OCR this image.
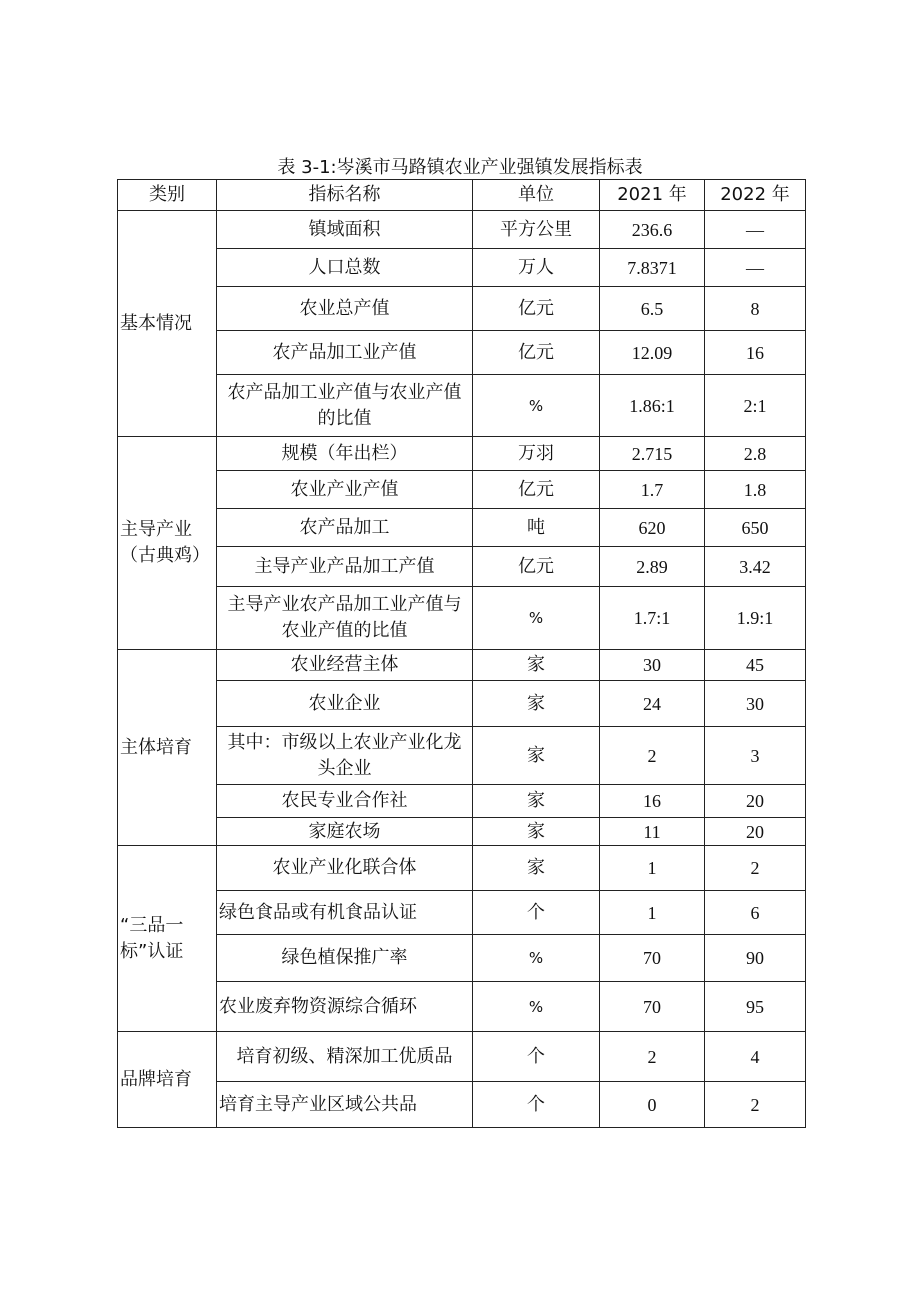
表 3-1:岑溪市马路镇农业产业强镇发展指标表
类别	指标名称	单位	2021 年	2022 年
基本情况	镇域面积	平方公里	236.6	—
	人口总数	万人	7.8371	—
	农业总产值	亿元	6.5	8
	农产品加工业产值	亿元	12.09	16
	农产品加工业产值与农业产值的比值	%	1.86:1	2:1
主导产业（古典鸡）	规模（年出栏）	万羽	2.715	2.8
	农业产业产值	亿元	1.7	1.8
	农产品加工	吨	620	650
	主导产业产品加工产值	亿元	2.89	3.42
	主导产业农产品加工业产值与农业产值的比值	%	1.7:1	1.9:1
主体培育	农业经营主体	家	30	45
	农业企业	家	24	30
	其中：市级以上农业产业化龙头企业	家	2	3
	农民专业合作社	家	16	20
	家庭农场	家	11	20
“三品一标”认证	农业产业化联合体	家	1	2
	绿色食品或有机食品认证	个	1	6
	绿色植保推广率	%	70	90
	农业废弃物资源综合循环	%	70	95
品牌培育	培育初级、精深加工优质品	个	2	4
	培育主导产业区域公共品	个	0	2
